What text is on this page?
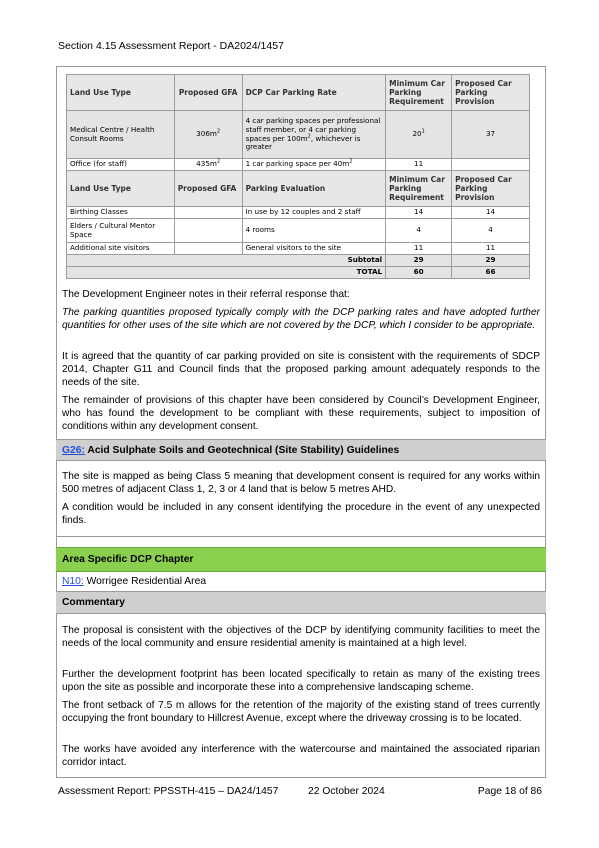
Section 4.15 Assessment Report - DA2024/1457
Land Use Type	Proposed GFA	DCP Car Parking Rate	Minimum Car Parking Requirement	Proposed Car Parking Provision
Medical Centre / Health Consult Rooms	$306m^2$	4 car parking spaces per professional staff member, or 4 car parking spaces per $100m^2$, whichever is greater	$20^1$	37
Office (for staff)	$435m^2$	1 car parking space per $40m^2$	11	
Land Use Type	Proposed GFA	Parking Evaluation	Minimum Car Parking Requirement	Proposed Car Parking Provision
Birthing Classes		In use by 12 couples and 2 staff	14	14
Elders / Cultural Mentor Space		4 rooms	4	4
Additional site visitors		General visitors to the site	11	11
Subtotal			29	29
TOTAL			60	66
The Development Engineer notes in their referral response that:
The parking quantities proposed typically comply with the DCP parking rates and have adopted further quantities for other uses of the site which are not covered by the DCP, which I consider to be appropriate.
It is agreed that the quantity of car parking provided on site is consistent with the requirements of SDCP 2014, Chapter G11 and Council finds that the proposed parking amount adequately responds to the needs of the site.
The remainder of provisions of this chapter have been considered by Council’s Development Engineer, who has found the development to be compliant with these requirements, subject to imposition of conditions within any development consent.
G26: Acid Sulphate Soils and Geotechnical (Site Stability) Guidelines
The site is mapped as being Class 5 meaning that development consent is required for any works within 500 metres of adjacent Class 1, 2, 3 or 4 land that is below 5 metres AHD.
A condition would be included in any consent identifying the procedure in the event of any unexpected finds.
Area Specific DCP Chapter
N10: Worrigee Residential Area
Commentary
The proposal is consistent with the objectives of the DCP by identifying community facilities to meet the needs of the local community and ensure residential amenity is maintained at a high level.
Further the development footprint has been located specifically to retain as many of the existing trees upon the site as possible and incorporate these into a comprehensive landscaping scheme.
The front setback of 7.5 m allows for the retention of the majority of the existing stand of trees currently occupying the front boundary to Hillcrest Avenue, except where the driveway crossing is to be located.
The works have avoided any interference with the watercourse and maintained the associated riparian corridor intact.
Assessment Report: PPSSTH-415 – DA24/1457	22 October 2024	Page 18 of 86
